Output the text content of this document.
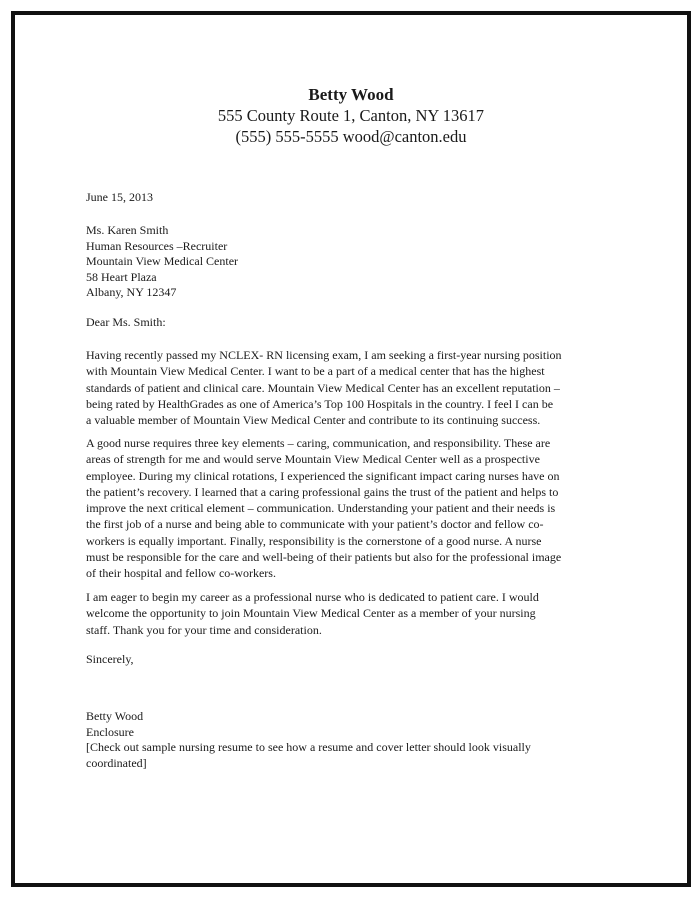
Betty Wood
555 County Route 1, Canton, NY 13617
(555) 555-5555 wood@canton.edu
June 15, 2013
Ms. Karen Smith
Human Resources –Recruiter
Mountain View Medical Center
58 Heart Plaza
Albany, NY 12347
Dear Ms. Smith:
Having recently passed my NCLEX- RN licensing exam, I am seeking a first-year nursing position
with Mountain View Medical Center. I want to be a part of a medical center that has the highest
standards of patient and clinical care. Mountain View Medical Center has an excellent reputation –
being rated by HealthGrades as one of America’s Top 100 Hospitals in the country. I feel I can be
a valuable member of Mountain View Medical Center and contribute to its continuing success.
A good nurse requires three key elements – caring, communication, and responsibility. These are
areas of strength for me and would serve Mountain View Medical Center well as a prospective
employee. During my clinical rotations, I experienced the significant impact caring nurses have on
the patient’s recovery. I learned that a caring professional gains the trust of the patient and helps to
improve the next critical element – communication. Understanding your patient and their needs is
the first job of a nurse and being able to communicate with your patient’s doctor and fellow co-
workers is equally important. Finally, responsibility is the cornerstone of a good nurse. A nurse
must be responsible for the care and well-being of their patients but also for the professional image
of their hospital and fellow co-workers.
I am eager to begin my career as a professional nurse who is dedicated to patient care. I would
welcome the opportunity to join Mountain View Medical Center as a member of your nursing
staff. Thank you for your time and consideration.
Sincerely,
Betty Wood
Enclosure
[Check out sample nursing resume to see how a resume and cover letter should look visually
coordinated]
